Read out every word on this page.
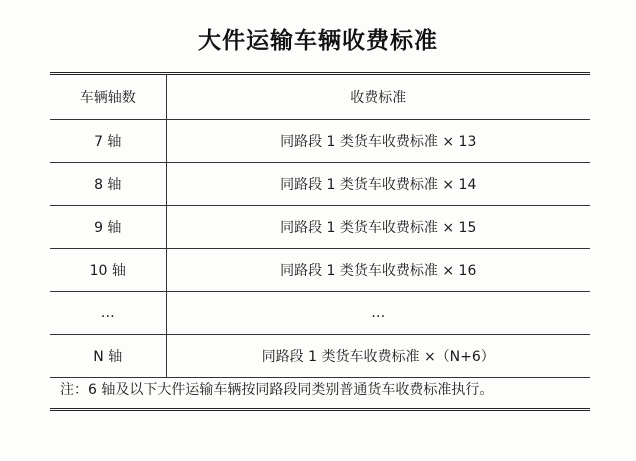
大件运输车辆收费标准
车辆轴数	收费标准
7 轴	同路段 1 类货车收费标准 × 13
8 轴	同路段 1 类货车收费标准 × 14
9 轴	同路段 1 类货车收费标准 × 15
10 轴	同路段 1 类货车收费标准 × 16
…	…
N 轴	同路段 1 类货车收费标准 ×（N+6）
注：6 轴及以下大件运输车辆按同路段同类别普通货车收费标准执行。
